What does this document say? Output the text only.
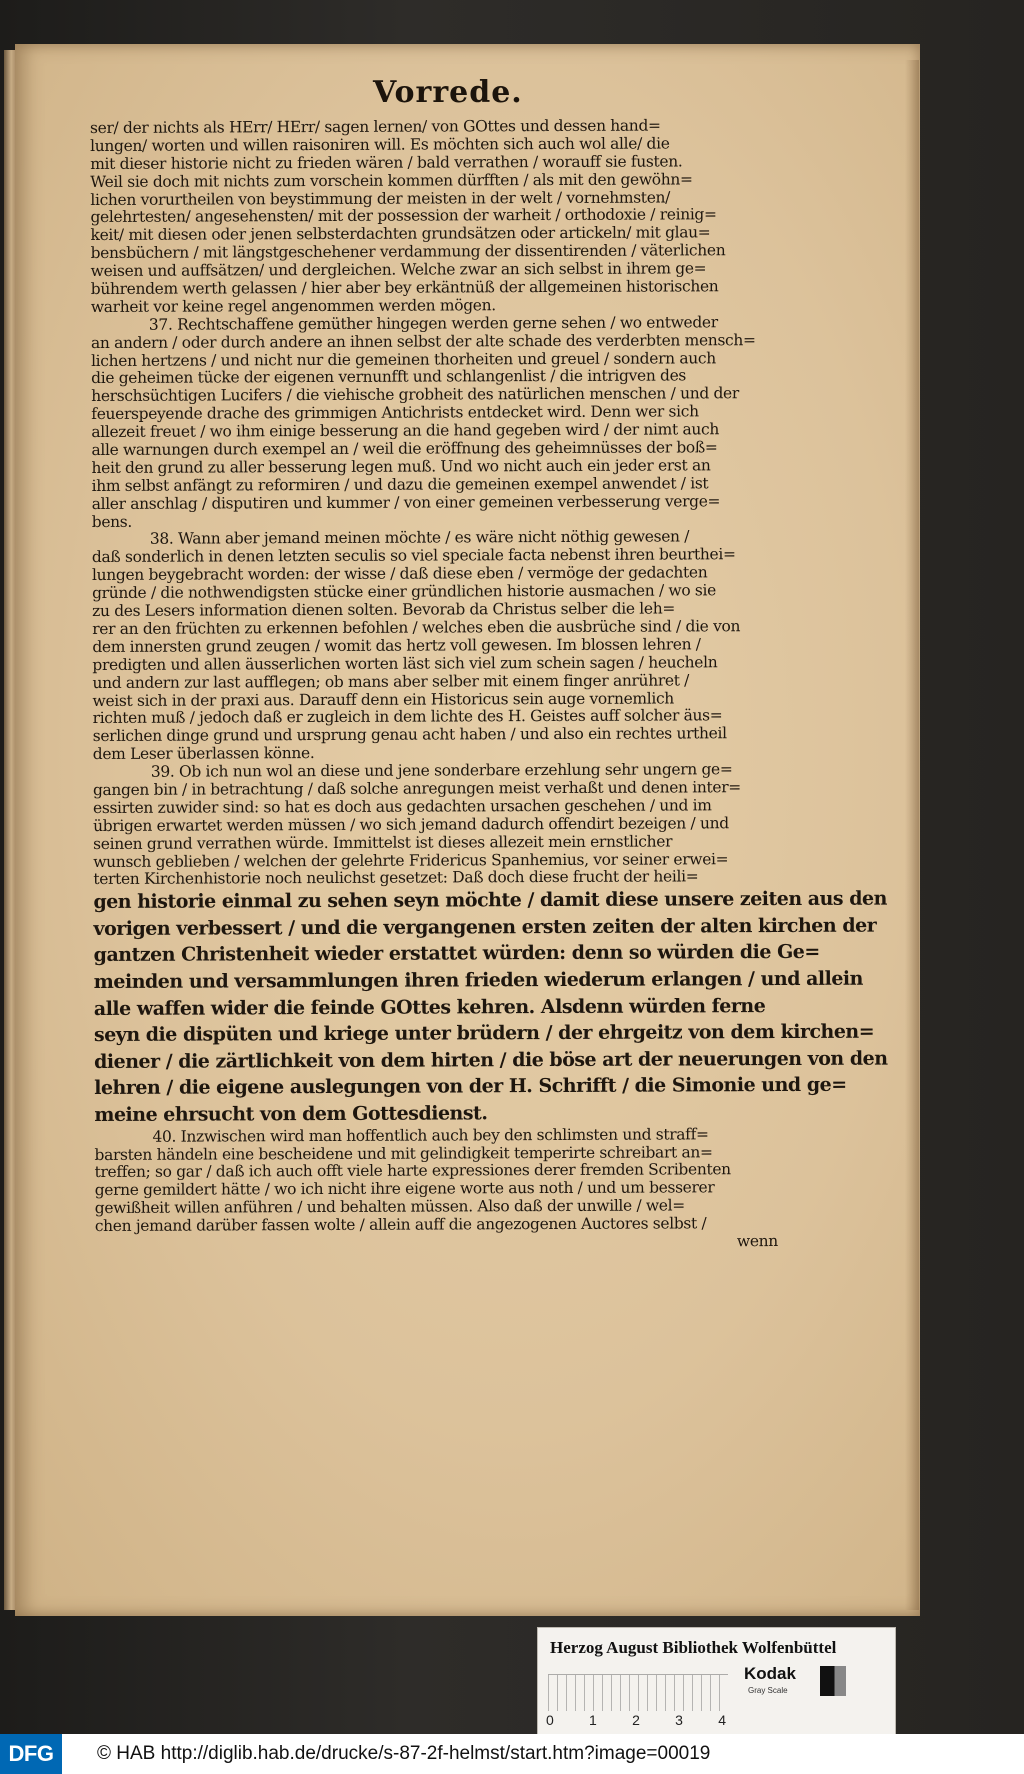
Vorrede.
ser/ der nichts als HErr/ HErr/ sagen lernen/ von GOttes und dessen hand=
lungen/ worten und willen raisoniren will. Es möchten sich auch wol alle/ die
mit dieser historie nicht zu frieden wären / bald verrathen / worauff sie fusten.
Weil sie doch mit nichts zum vorschein kommen dürfften / als mit den gewöhn=
lichen vorurtheilen von beystimmung der meisten in der welt / vornehmsten/
gelehrtesten/ angesehensten/ mit der possession der warheit / orthodoxie / reinig=
keit/ mit diesen oder jenen selbsterdachten grundsätzen oder artickeln/ mit glau=
bensbüchern / mit längstgeschehener verdammung der dissentirenden / väterlichen
weisen und auffsätzen/ und dergleichen. Welche zwar an sich selbst in ihrem ge=
bührendem werth gelassen / hier aber bey erkäntnüß der allgemeinen historischen
warheit vor keine regel angenommen werden mögen.
37. Rechtschaffene gemüther hingegen werden gerne sehen / wo entweder
an andern / oder durch andere an ihnen selbst der alte schade des verderbten mensch=
lichen hertzens / und nicht nur die gemeinen thorheiten und greuel / sondern auch
die geheimen tücke der eigenen vernunfft und schlangenlist / die intrigven des
herschsüchtigen Lucifers / die viehische grobheit des natürlichen menschen / und der
feuerspeyende drache des grimmigen Antichrists entdecket wird. Denn wer sich
allezeit freuet / wo ihm einige besserung an die hand gegeben wird / der nimt auch
alle warnungen durch exempel an / weil die eröffnung des geheimnüsses der boß=
heit den grund zu aller besserung legen muß. Und wo nicht auch ein jeder erst an
ihm selbst anfängt zu reformiren / und dazu die gemeinen exempel anwendet / ist
aller anschlag / disputiren und kummer / von einer gemeinen verbesserung verge=
bens.
38. Wann aber jemand meinen möchte / es wäre nicht nöthig gewesen /
daß sonderlich in denen letzten seculis so viel speciale facta nebenst ihren beurthei=
lungen beygebracht worden: der wisse / daß diese eben / vermöge der gedachten
gründe / die nothwendigsten stücke einer gründlichen historie ausmachen / wo sie
zu des Lesers information dienen solten. Bevorab da Christus selber die leh=
rer an den früchten zu erkennen befohlen / welches eben die ausbrüche sind / die von
dem innersten grund zeugen / womit das hertz voll gewesen. Im blossen lehren /
predigten und allen äusserlichen worten läst sich viel zum schein sagen / heucheln
und andern zur last aufflegen; ob mans aber selber mit einem finger anrühret /
weist sich in der praxi aus. Darauff denn ein Historicus sein auge vornemlich
richten muß / jedoch daß er zugleich in dem lichte des H. Geistes auff solcher äus=
serlichen dinge grund und ursprung genau acht haben / und also ein rechtes urtheil
dem Leser überlassen könne.
39. Ob ich nun wol an diese und jene sonderbare erzehlung sehr ungern ge=
gangen bin / in betrachtung / daß solche anregungen meist verhaßt und denen inter=
essirten zuwider sind: so hat es doch aus gedachten ursachen geschehen / und im
übrigen erwartet werden müssen / wo sich jemand dadurch offendirt bezeigen / und
seinen grund verrathen würde. Immittelst ist dieses allezeit mein ernstlicher
wunsch geblieben / welchen der gelehrte Fridericus Spanhemius, vor seiner erwei=
terten Kirchenhistorie noch neulichst gesetzet: Daß doch diese frucht der heili=
gen historie einmal zu sehen seyn möchte / damit diese unsere zeiten aus den
vorigen verbessert / und die vergangenen ersten zeiten der alten kirchen der
gantzen Christenheit wieder erstattet würden: denn so würden die Ge=
meinden und versammlungen ihren frieden wiederum erlangen / und allein
alle waffen wider die feinde GOttes kehren. Alsdenn würden ferne
seyn die dispüten und kriege unter brüdern / der ehrgeitz von dem kirchen=
diener / die zärtlichkeit von dem hirten / die böse art der neuerungen von den
lehren / die eigene auslegungen von der H. Schrifft / die Simonie und ge=
meine ehrsucht von dem Gottesdienst.
40. Inzwischen wird man hoffentlich auch bey den schlimsten und straff=
barsten händeln eine bescheidene und mit gelindigkeit temperirte schreibart an=
treffen; so gar / daß ich auch offt viele harte expressiones derer fremden Scribenten
gerne gemildert hätte / wo ich nicht ihre eigene worte aus noth / und um besserer
gewißheit willen anführen / und behalten müssen. Also daß der unwille / wel=
chen jemand darüber fassen wolte / allein auff die angezogenen Auctores selbst /
wenn
Herzog August Bibliothek Wolfenbüttel
0	1	2	3	4
Kodak
Gray Scale
DFG	© HAB http://diglib.hab.de/drucke/s-87-2f-helmst/start.htm?image=00019
